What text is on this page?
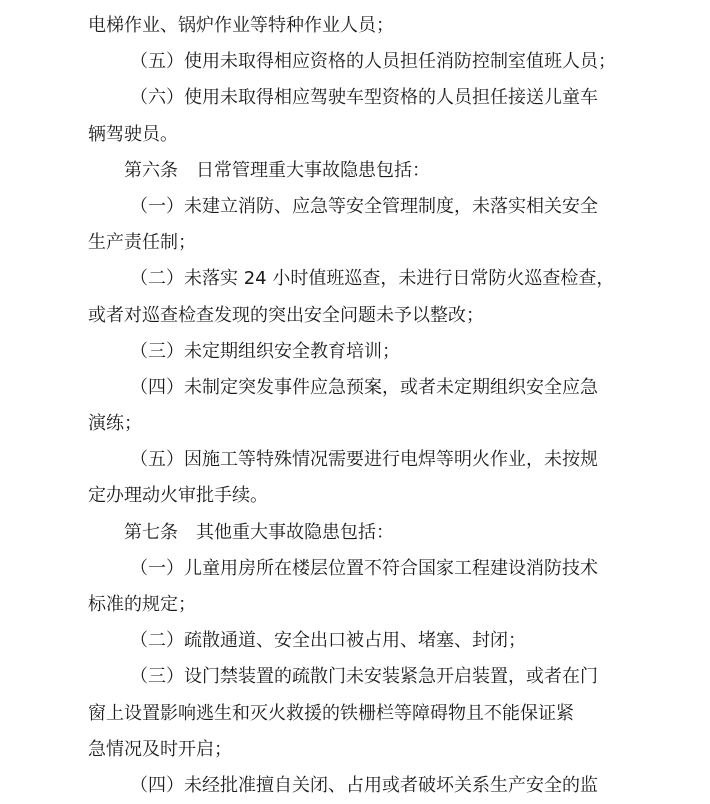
电梯作业、锅炉作业等特种作业人员；
（五）使用未取得相应资格的人员担任消防控制室值班人员；
（六）使用未取得相应驾驶车型资格的人员担任接送儿童车
辆驾驶员。
第六条　日常管理重大事故隐患包括：
（一）未建立消防、应急等安全管理制度，未落实相关安全
生产责任制；
（二）未落实 24 小时值班巡查，未进行日常防火巡查检查，
或者对巡查检查发现的突出安全问题未予以整改；
（三）未定期组织安全教育培训；
（四）未制定突发事件应急预案，或者未定期组织安全应急
演练；
（五）因施工等特殊情况需要进行电焊等明火作业，未按规
定办理动火审批手续。
第七条　其他重大事故隐患包括：
（一）儿童用房所在楼层位置不符合国家工程建设消防技术
标准的规定；
（二）疏散通道、安全出口被占用、堵塞、封闭；
（三）设门禁装置的疏散门未安装紧急开启装置，或者在门
窗上设置影响逃生和灭火救援的铁栅栏等障碍物且不能保证紧
急情况及时开启；
（四）未经批准擅自关闭、占用或者破坏关系生产安全的监
